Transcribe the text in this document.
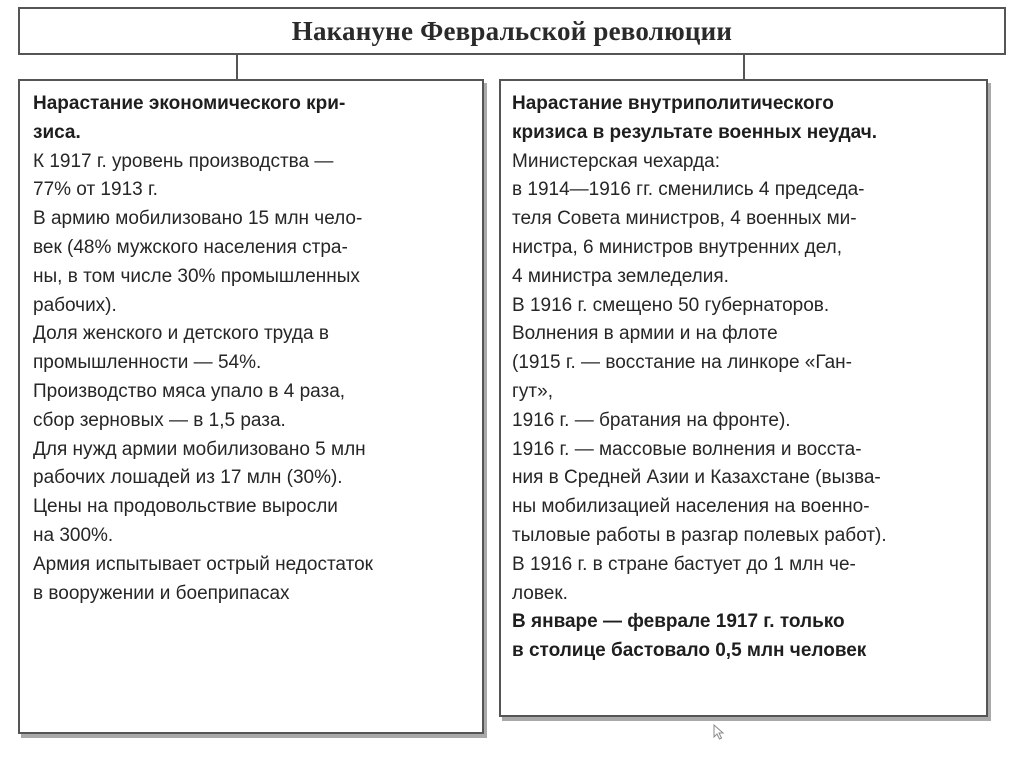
Накануне Февральской революции
Нарастание экономического кри-
зиса.
К 1917 г. уровень производства —
77% от 1913 г.
В армию мобилизовано 15 млн чело-
век (48% мужского населения стра-
ны, в том числе 30% промышленных
рабочих).
Доля женского и детского труда в
промышленности — 54%.
Производство мяса упало в 4 раза,
сбор зерновых — в 1,5 раза.
Для нужд армии мобилизовано 5 млн
рабочих лошадей из 17 млн (30%).
Цены на продовольствие выросли
на 300%.
Армия испытывает острый недостаток
в вооружении и боеприпасах
Нарастание внутриполитического
кризиса в результате военных неудач.
Министерская чехарда:
в 1914—1916 гг. сменились 4 председа-
теля Совета министров, 4 военных ми-
нистра, 6 министров внутренних дел,
4 министра земледелия.
В 1916 г. смещено 50 губернаторов.
Волнения в армии и на флоте
(1915 г. — восстание на линкоре «Ган-
гут»,
1916 г. — братания на фронте).
1916 г. — массовые волнения и восста-
ния в Средней Азии и Казахстане (вызва-
ны мобилизацией населения на военно-
тыловые работы в разгар полевых работ).
В 1916 г. в стране бастует до 1 млн че-
ловек.
В январе — феврале 1917 г. только
в столице бастовало 0,5 млн человек
